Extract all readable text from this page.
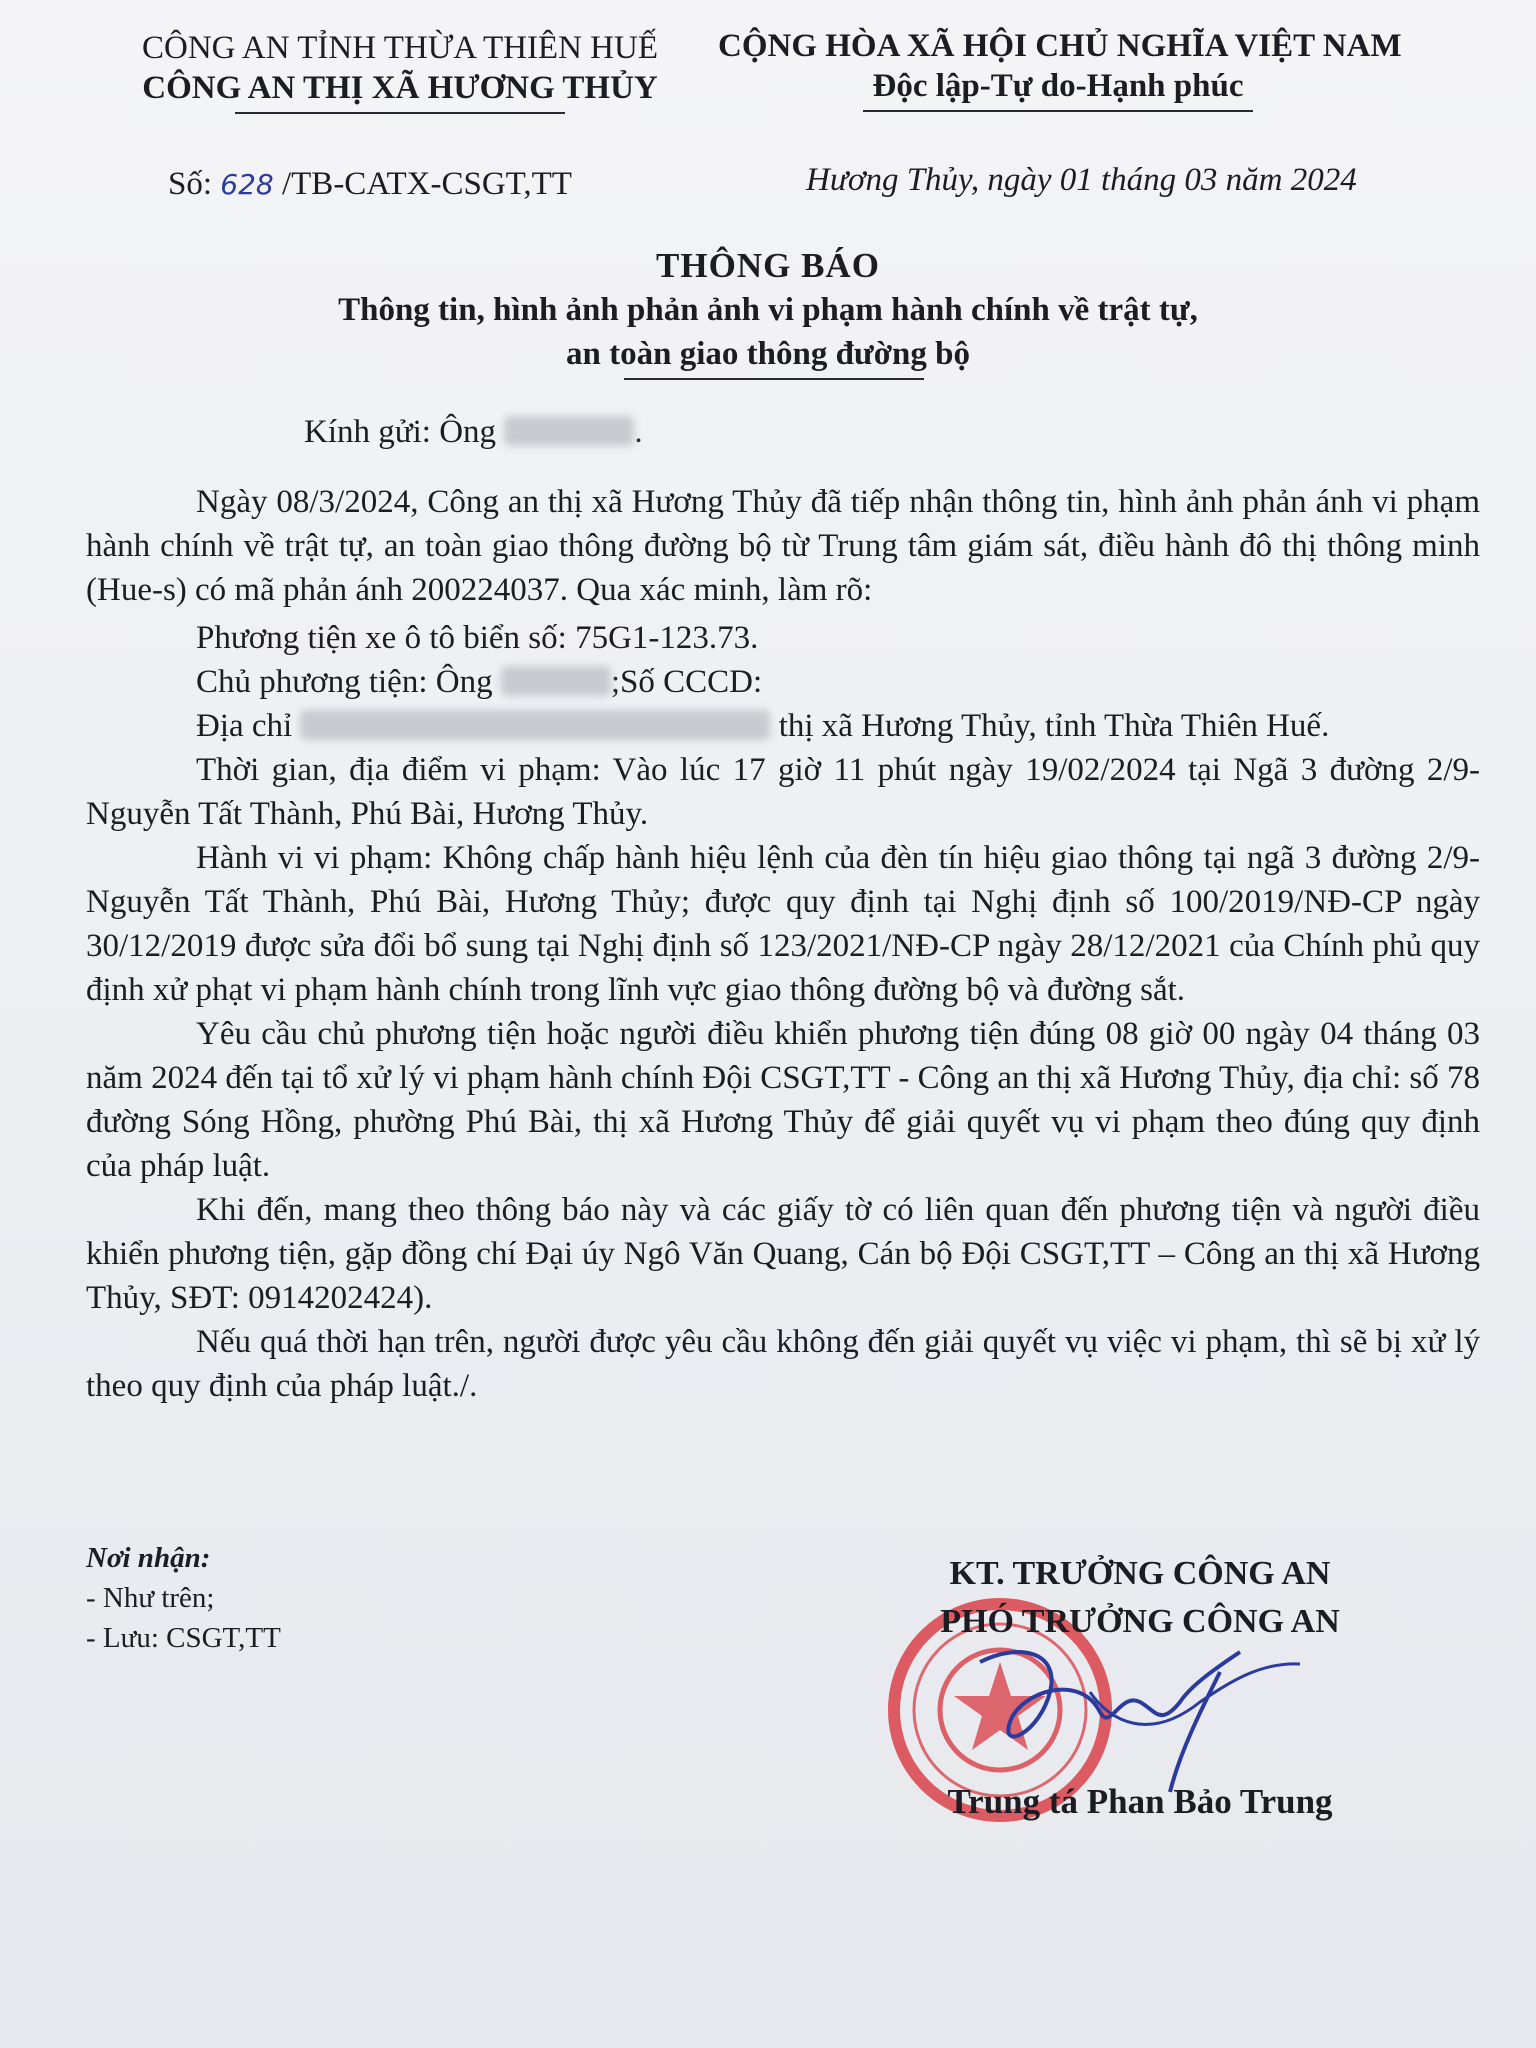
CÔNG AN TỈNH THỪA THIÊN HUẾ
CÔNG AN THỊ XÃ HƯƠNG THỦY
CỘNG HÒA XÃ HỘI CHỦ NGHĨA VIỆT NAM
Độc lập-Tự do-Hạnh phúc
Số: 628 /TB-CATX-CSGT,TT	Hương Thủy, ngày 01 tháng 03 năm 2024
THÔNG BÁO
Thông tin, hình ảnh phản ảnh vi phạm hành chính về trật tự,
an toàn giao thông đường bộ

Kính gửi: Ông	.

Ngày 08/3/2024, Công an thị xã Hương Thủy đã tiếp nhận thông tin, hình ảnh phản ánh vi phạm hành chính về trật tự, an toàn giao thông đường bộ từ Trung tâm giám sát, điều hành đô thị thông minh (Hue-s) có mã phản ánh 200224037. Qua xác minh, làm rõ:

Phương tiện xe ô tô biển số: 75G1-123.73.

Chủ phương tiện: Ông	;Số CCCD:

Địa chỉ	thị xã Hương Thủy, tỉnh Thừa Thiên Huế.

Thời gian, địa điểm vi phạm: Vào lúc 17 giờ 11 phút ngày 19/02/2024 tại Ngã 3 đường 2/9- Nguyễn Tất Thành, Phú Bài, Hương Thủy.

Hành vi vi phạm: Không chấp hành hiệu lệnh của đèn tín hiệu giao thông tại ngã 3 đường 2/9- Nguyễn Tất Thành, Phú Bài, Hương Thủy; được quy định tại Nghị định số 100/2019/NĐ-CP ngày 30/12/2019 được sửa đổi bổ sung tại Nghị định số 123/2021/NĐ-CP ngày 28/12/2021 của Chính phủ quy định xử phạt vi phạm hành chính trong lĩnh vực giao thông đường bộ và đường sắt.

Yêu cầu chủ phương tiện hoặc người điều khiển phương tiện đúng 08 giờ 00 ngày 04 tháng 03 năm 2024 đến tại tổ xử lý vi phạm hành chính Đội CSGT,TT - Công an thị xã Hương Thủy, địa chỉ: số 78 đường Sóng Hồng, phường Phú Bài, thị xã Hương Thủy để giải quyết vụ vi phạm theo đúng quy định của pháp luật.

Khi đến, mang theo thông báo này và các giấy tờ có liên quan đến phương tiện và người điều khiển phương tiện, gặp đồng chí Đại úy Ngô Văn Quang, Cán bộ Đội CSGT,TT – Công an thị xã Hương Thủy, SĐT: 0914202424).

Nếu quá thời hạn trên, người được yêu cầu không đến giải quyết vụ việc vi phạm, thì sẽ bị xử lý theo quy định của pháp luật./.

Nơi nhận:
- Như trên;
- Lưu: CSGT,TT
KT. TRƯỞNG CÔNG AN
PHÓ TRƯỞNG CÔNG AN
Trung tá Phan Bảo Trung
